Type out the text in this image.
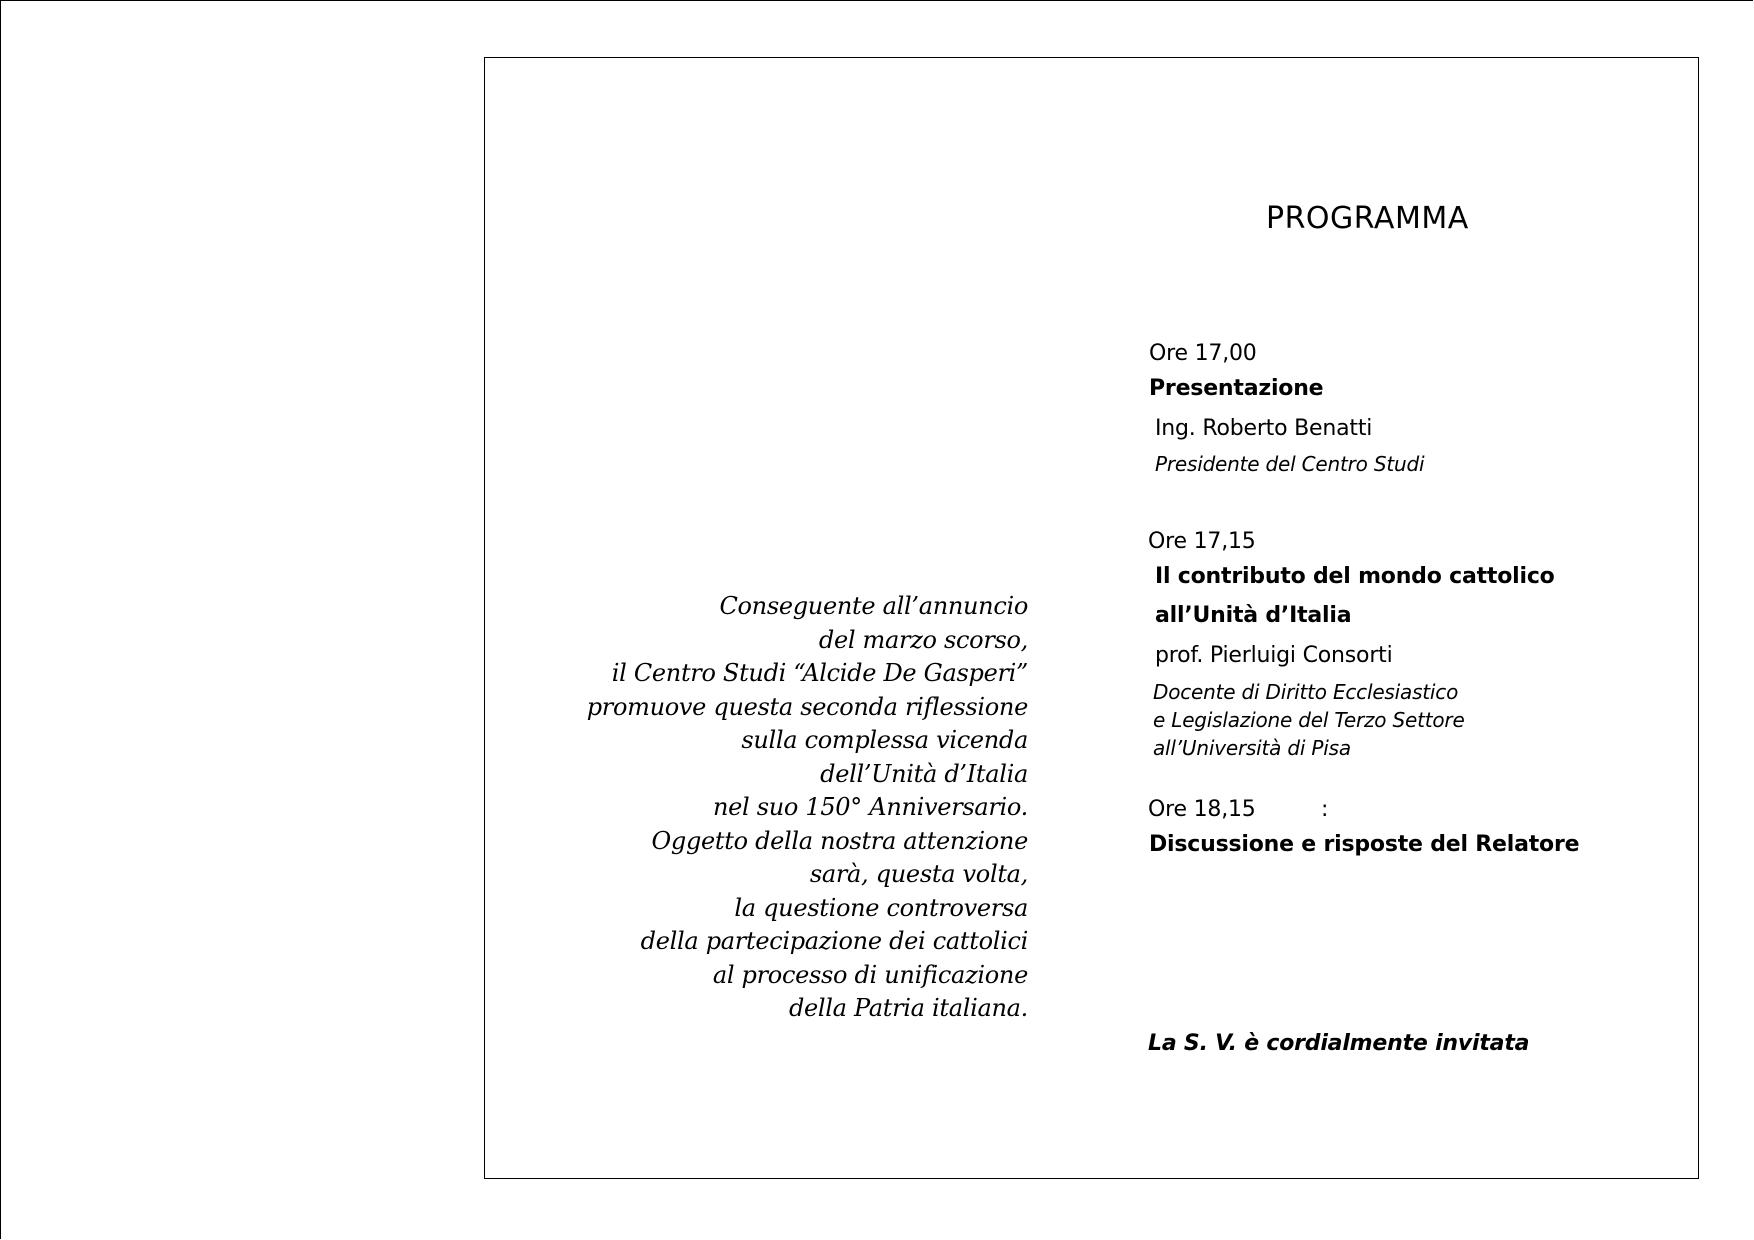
Conseguente all’annuncio
del marzo scorso,
il Centro Studi “Alcide De Gasperi”
promuove questa seconda riflessione
sulla complessa vicenda
dell’Unità d’Italia
nel suo 150° Anniversario.
Oggetto della nostra attenzione
sarà, questa volta,
la questione controversa
della partecipazione dei cattolici
al processo di unificazione
della Patria italiana.
PROGRAMMA
Ore 17,00
Presentazione
Ing. Roberto Benatti
Presidente del Centro Studi
Ore 17,15
Il contributo del mondo cattolico
all’Unità d’Italia
prof. Pierluigi Consorti
Docente di Diritto Ecclesiastico
e Legislazione del Terzo Settore
all’Università di Pisa
Ore 18,15	:
Discussione e risposte del Relatore
La S. V. è cordialmente invitata
